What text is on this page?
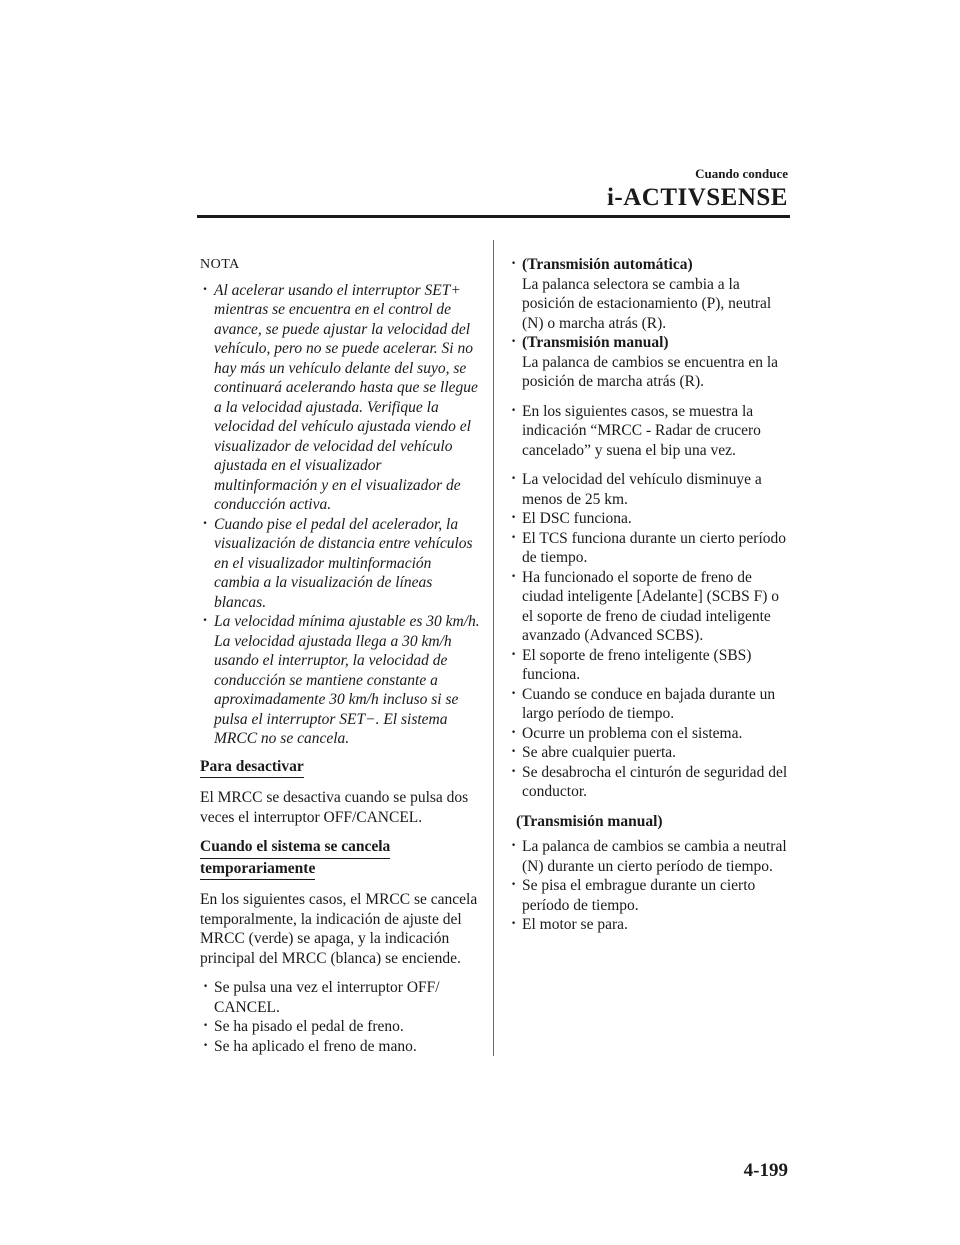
Cuando conduce
i-ACTIVSENSE
NOTA
· Al acelerar usando el interruptor SET+ mientras se encuentra en el control de avance, se puede ajustar la velocidad del vehículo, pero no se puede acelerar. Si no hay más un vehículo delante del suyo, se continuará acelerando hasta que se llegue a la velocidad ajustada. Verifique la velocidad del vehículo ajustada viendo el visualizador de velocidad del vehículo ajustada en el visualizador multinformación y en el visualizador de conducción activa.
· Cuando pise el pedal del acelerador, la visualización de distancia entre vehículos en el visualizador multinformación cambia a la visualización de líneas blancas.
· La velocidad mínima ajustable es 30 km/h. La velocidad ajustada llega a 30 km/h usando el interruptor, la velocidad de conducción se mantiene constante a aproximadamente 30 km/h incluso si se pulsa el interruptor SET−. El sistema MRCC no se cancela.
Para desactivar

El MRCC se desactiva cuando se pulsa dos veces el interruptor OFF/CANCEL.

Cuando el sistema se cancela
temporariamente

En los siguientes casos, el MRCC se cancela temporalmente, la indicación de ajuste del MRCC (verde) se apaga, y la indicación principal del MRCC (blanca) se enciende.

· Se pulsa una vez el interruptor OFF/ CANCEL.
· Se ha pisado el pedal de freno.
· Se ha aplicado el freno de mano.
· (Transmisión automática)
La palanca selectora se cambia a la posición de estacionamiento (P), neutral (N) o marcha atrás (R).
· (Transmisión manual)
La palanca de cambios se encuentra en la posición de marcha atrás (R).
· En los siguientes casos, se muestra la indicación “MRCC - Radar de crucero cancelado” y suena el bip una vez.
· La velocidad del vehículo disminuye a menos de 25 km.
· El DSC funciona.
· El TCS funciona durante un cierto período de tiempo.
· Ha funcionado el soporte de freno de ciudad inteligente [Adelante] (SCBS F) o el soporte de freno de ciudad inteligente avanzado (Advanced SCBS).
· El soporte de freno inteligente (SBS) funciona.
· Cuando se conduce en bajada durante un largo período de tiempo.
· Ocurre un problema con el sistema.
· Se abre cualquier puerta.
· Se desabrocha el cinturón de seguridad del conductor.
(Transmisión manual)
· La palanca de cambios se cambia a neutral (N) durante un cierto período de tiempo.
· Se pisa el embrague durante un cierto período de tiempo.
· El motor se para.
4-199
